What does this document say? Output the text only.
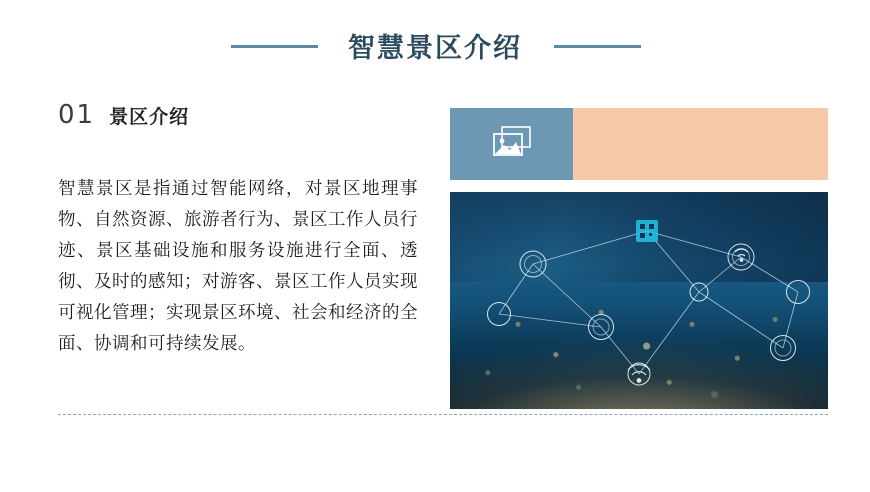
智慧景区介绍
01 景区介绍
智慧景区是指通过智能网络，对景区地理事物、自然资源、旅游者行为、景区工作人员行迹、景区基础设施和服务设施进行全面、透彻、及时的感知；对游客、景区工作人员实现可视化管理；实现景区环境、社会和经济的全面、协调和可持续发展。
